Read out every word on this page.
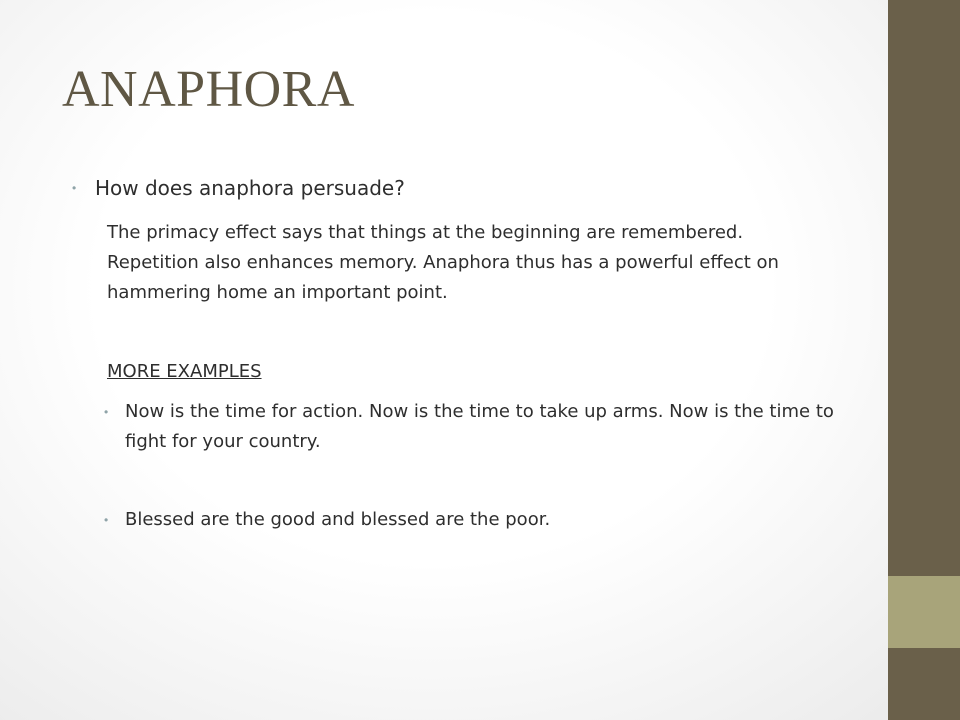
ANAPHORA
• How does anaphora persuade?

The primacy effect says that things at the beginning are remembered. Repetition also enhances memory. Anaphora thus has a powerful effect on hammering home an important point.

MORE EXAMPLES

• Now is the time for action. Now is the time to take up arms. Now is the time to fight for your country.

• Blessed are the good and blessed are the poor.
